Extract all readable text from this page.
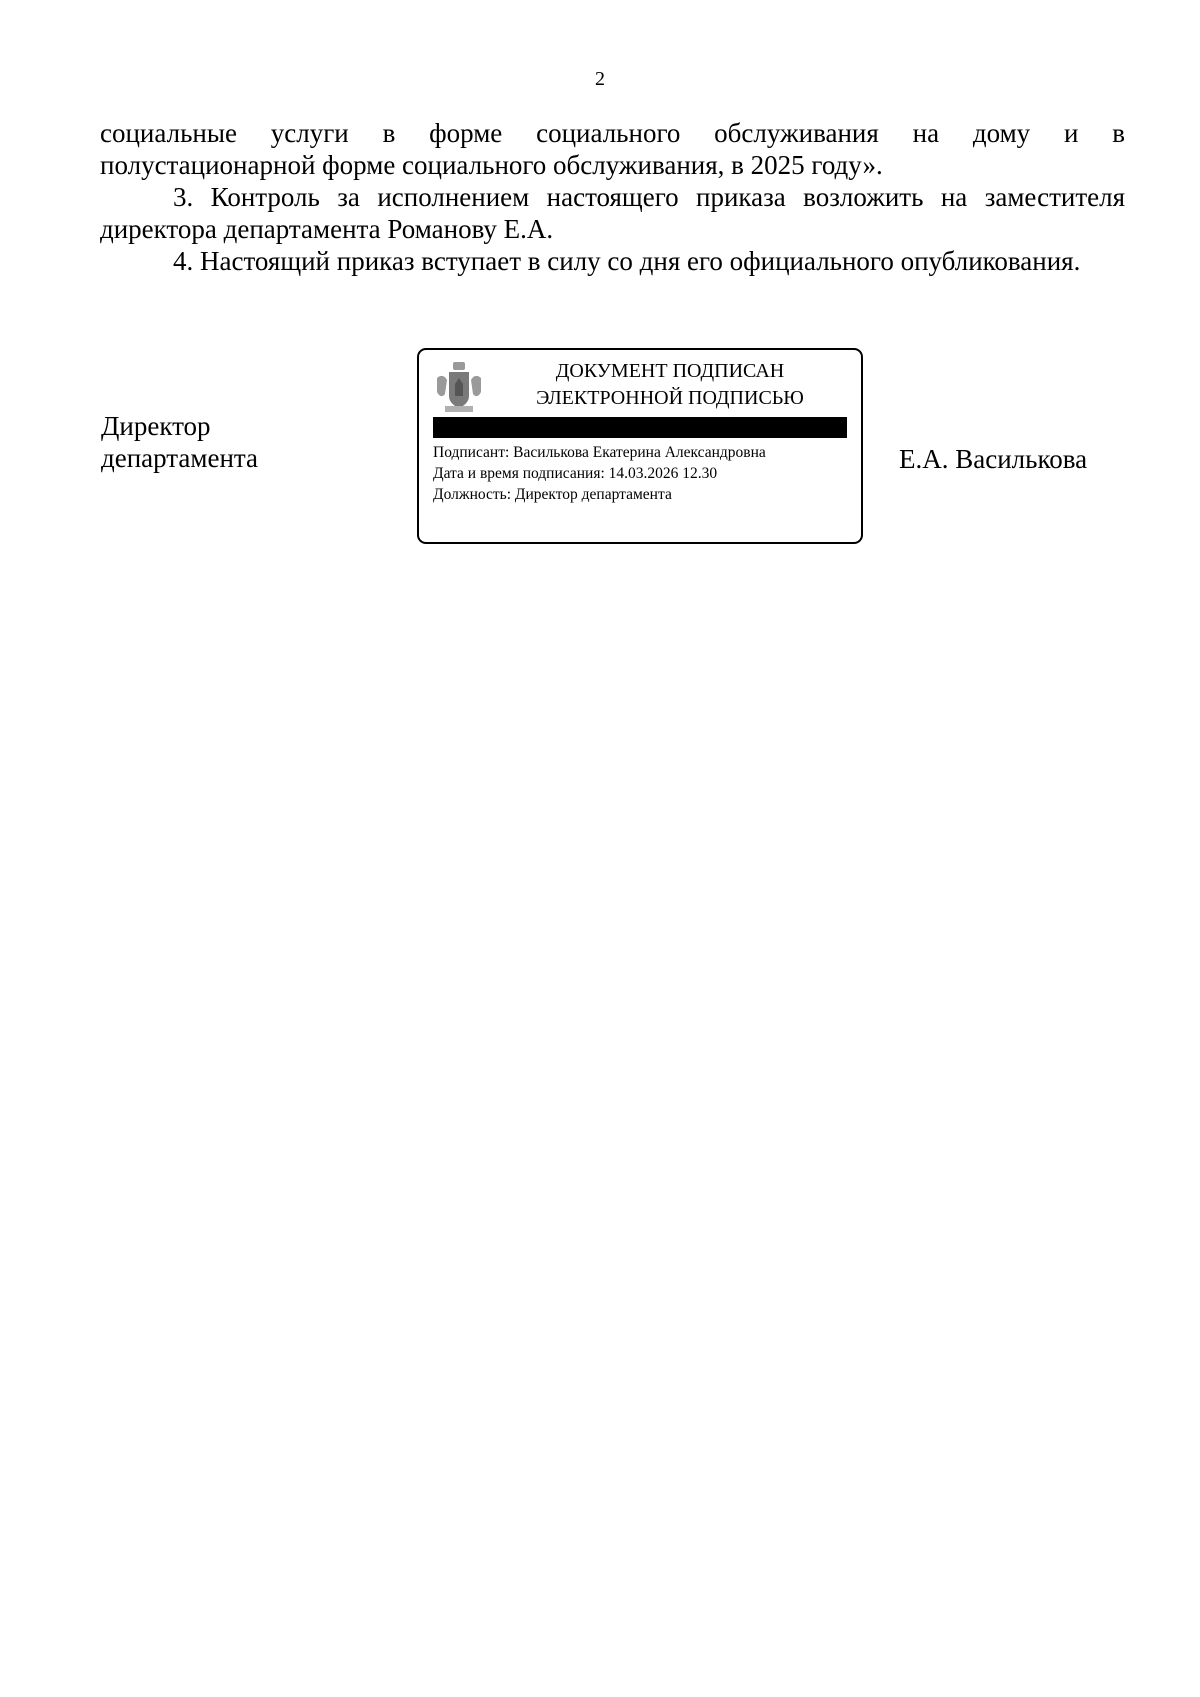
2

социальные услуги в форме социального обслуживания на дому и в

полустационарной форме социального обслуживания, в 2025 году».

3. Контроль за исполнением настоящего приказа возложить на заместителя директора департамента Романову Е.А.

4. Настоящий приказ вступает в силу со дня его официального опубликования.

Директор
департамента
ДОКУМЕНТ ПОДПИСАН
ЭЛЕКТРОННОЙ ПОДПИСЬЮ
Подписант: Василькова Екатерина Александровна
Дата и время подписания: 14.03.2026 12.30
Должность: Директор департамента
Е.А. Василькова
